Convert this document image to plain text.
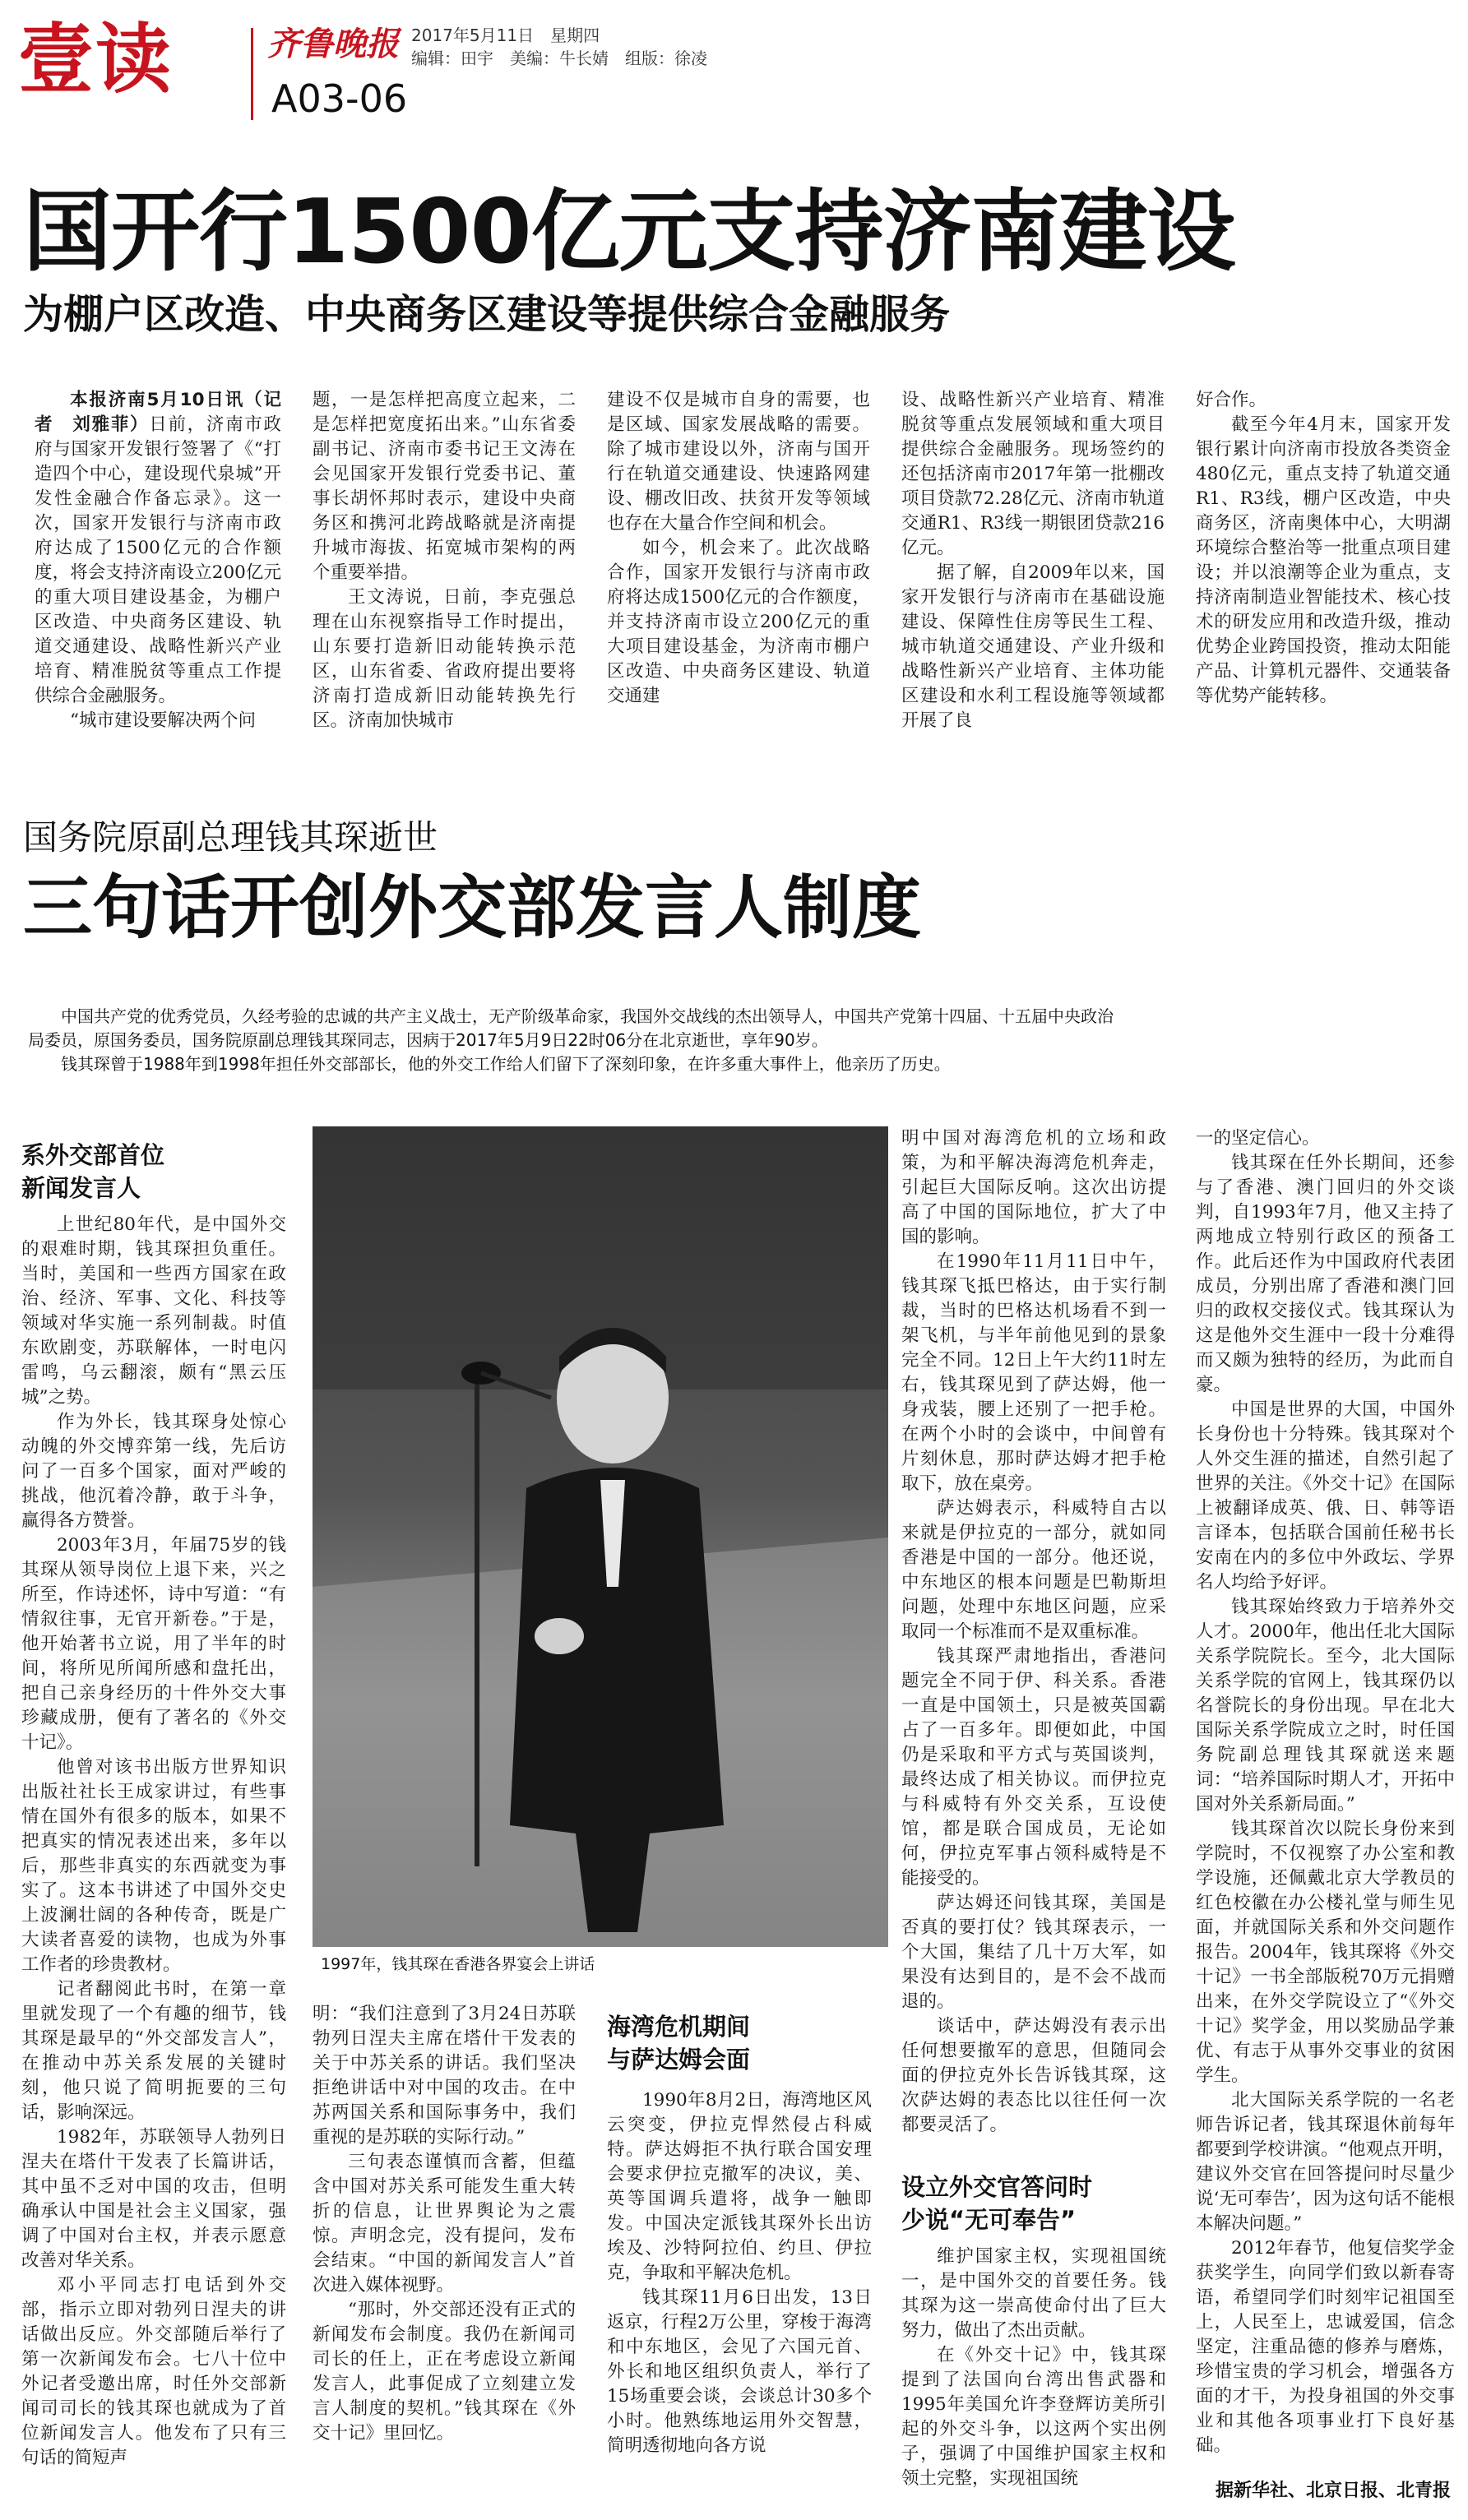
壹读	齐鲁晚报 2017年5月11日　星期四
编辑：田宇　美编：牛长婧　组版：徐凌
A03-06
国开行1500亿元支持济南建设
为棚户区改造、中央商务区建设等提供综合金融服务

本报济南5月10日讯（记者　刘雅菲）日前，济南市政府与国家开发银行签署了《“打造四个中心，建设现代泉城”开发性金融合作备忘录》。这一次，国家开发银行与济南市政府达成了1500亿元的合作额度，将会支持济南设立200亿元的重大项目建设基金，为棚户区改造、中央商务区建设、轨道交通建设、战略性新兴产业培育、精准脱贫等重点工作提供综合金融服务。

“城市建设要解决两个问

题，一是怎样把高度立起来，二是怎样把宽度拓出来。”山东省委副书记、济南市委书记王文涛在会见国家开发银行党委书记、董事长胡怀邦时表示，建设中央商务区和携河北跨战略就是济南提升城市海拔、拓宽城市架构的两个重要举措。

王文涛说，日前，李克强总理在山东视察指导工作时提出，山东要打造新旧动能转换示范区，山东省委、省政府提出要将济南打造成新旧动能转换先行区。济南加快城市

建设不仅是城市自身的需要，也是区域、国家发展战略的需要。除了城市建设以外，济南与国开行在轨道交通建设、快速路网建设、棚改旧改、扶贫开发等领域也存在大量合作空间和机会。

如今，机会来了。此次战略合作，国家开发银行与济南市政府将达成1500亿元的合作额度，并支持济南市设立200亿元的重大项目建设基金，为济南市棚户区改造、中央商务区建设、轨道交通建

设、战略性新兴产业培育、精准脱贫等重点发展领域和重大项目提供综合金融服务。现场签约的还包括济南市2017年第一批棚改项目贷款72.28亿元、济南市轨道交通R1、R3线一期银团贷款216亿元。

据了解，自2009年以来，国家开发银行与济南市在基础设施建设、保障性住房等民生工程、城市轨道交通建设、产业升级和战略性新兴产业培育、主体功能区建设和水利工程设施等领域都开展了良

好合作。

截至今年4月末，国家开发银行累计向济南市投放各类资金480亿元，重点支持了轨道交通R1、R3线，棚户区改造，中央商务区，济南奥体中心，大明湖环境综合整治等一批重点项目建设；并以浪潮等企业为重点，支持济南制造业智能技术、核心技术的研发应用和改造升级，推动优势企业跨国投资，推动太阳能产品、计算机元器件、交通装备等优势产能转移。

国务院原副总理钱其琛逝世
三句话开创外交部发言人制度

中国共产党的优秀党员，久经考验的忠诚的共产主义战士，无产阶级革命家，我国外交战线的杰出领导人，中国共产党第十四届、十五届中央政治局委员，原国务委员，国务院原副总理钱其琛同志，因病于2017年5月9日22时06分在北京逝世，享年90岁。

钱其琛曾于1988年到1998年担任外交部部长，他的外交工作给人们留下了深刻印象，在许多重大事件上，他亲历了历史。

1997年，钱其琛在香港各界宴会上讲话
系外交部首位
新闻发言人

上世纪80年代，是中国外交的艰难时期，钱其琛担负重任。当时，美国和一些西方国家在政治、经济、军事、文化、科技等领域对华实施一系列制裁。时值东欧剧变，苏联解体，一时电闪雷鸣，乌云翻滚，颇有“黑云压城”之势。

作为外长，钱其琛身处惊心动魄的外交博弈第一线，先后访问了一百多个国家，面对严峻的挑战，他沉着冷静，敢于斗争，赢得各方赞誉。

2003年3月，年届75岁的钱其琛从领导岗位上退下来，兴之所至，作诗述怀，诗中写道：“有情叙往事，无官开新卷。”于是，他开始著书立说，用了半年的时间，将所见所闻所感和盘托出，把自己亲身经历的十件外交大事珍藏成册，便有了著名的《外交十记》。

他曾对该书出版方世界知识出版社社长王成家讲过，有些事情在国外有很多的版本，如果不把真实的情况表述出来，多年以后，那些非真实的东西就变为事实了。这本书讲述了中国外交史上波澜壮阔的各种传奇，既是广大读者喜爱的读物，也成为外事工作者的珍贵教材。

记者翻阅此书时，在第一章里就发现了一个有趣的细节，钱其琛是最早的“外交部发言人”，在推动中苏关系发展的关键时刻，他只说了简明扼要的三句话，影响深远。

1982年，苏联领导人勃列日涅夫在塔什干发表了长篇讲话，其中虽不乏对中国的攻击，但明确承认中国是社会主义国家，强调了中国对台主权，并表示愿意改善对华关系。

邓小平同志打电话到外交部，指示立即对勃列日涅夫的讲话做出反应。外交部随后举行了第一次新闻发布会。七八十位中外记者受邀出席，时任外交部新闻司司长的钱其琛也就成为了首位新闻发言人。他发布了只有三句话的简短声

明：“我们注意到了3月24日苏联勃列日涅夫主席在塔什干发表的关于中苏关系的讲话。我们坚决拒绝讲话中对中国的攻击。在中苏两国关系和国际事务中，我们重视的是苏联的实际行动。”

三句表态谨慎而含蓄，但蕴含中国对苏关系可能发生重大转折的信息，让世界舆论为之震惊。声明念完，没有提问，发布会结束。“中国的新闻发言人”首次进入媒体视野。

“那时，外交部还没有正式的新闻发布会制度。我仍在新闻司司长的任上，正在考虑设立新闻发言人，此事促成了立刻建立发言人制度的契机。”钱其琛在《外交十记》里回忆。

海湾危机期间
与萨达姆会面

1990年8月2日，海湾地区风云突变，伊拉克悍然侵占科威特。萨达姆拒不执行联合国安理会要求伊拉克撤军的决议，美、英等国调兵遣将，战争一触即发。中国决定派钱其琛外长出访埃及、沙特阿拉伯、约旦、伊拉克，争取和平解决危机。

钱其琛11月6日出发，13日返京，行程2万公里，穿梭于海湾和中东地区，会见了六国元首、外长和地区组织负责人，举行了15场重要会谈，会谈总计30多个小时。他熟练地运用外交智慧，简明透彻地向各方说

明中国对海湾危机的立场和政策，为和平解决海湾危机奔走，引起巨大国际反响。这次出访提高了中国的国际地位，扩大了中国的影响。

在1990年11月11日中午，钱其琛飞抵巴格达，由于实行制裁，当时的巴格达机场看不到一架飞机，与半年前他见到的景象完全不同。12日上午大约11时左右，钱其琛见到了萨达姆，他一身戎装，腰上还别了一把手枪。在两个小时的会谈中，中间曾有片刻休息，那时萨达姆才把手枪取下，放在桌旁。

萨达姆表示，科威特自古以来就是伊拉克的一部分，就如同香港是中国的一部分。他还说，中东地区的根本问题是巴勒斯坦问题，处理中东地区问题，应采取同一个标准而不是双重标准。

钱其琛严肃地指出，香港问题完全不同于伊、科关系。香港一直是中国领土，只是被英国霸占了一百多年。即便如此，中国仍是采取和平方式与英国谈判，最终达成了相关协议。而伊拉克与科威特有外交关系，互设使馆，都是联合国成员，无论如何，伊拉克军事占领科威特是不能接受的。

萨达姆还问钱其琛，美国是否真的要打仗？钱其琛表示，一个大国，集结了几十万大军，如果没有达到目的，是不会不战而退的。

谈话中，萨达姆没有表示出任何想要撤军的意思，但随同会面的伊拉克外长告诉钱其琛，这次萨达姆的表态比以往任何一次都要灵活了。

设立外交官答问时
少说“无可奉告”

维护国家主权，实现祖国统一，是中国外交的首要任务。钱其琛为这一崇高使命付出了巨大努力，做出了杰出贡献。

在《外交十记》中，钱其琛提到了法国向台湾出售武器和1995年美国允许李登辉访美所引起的外交斗争，以这两个实出例子，强调了中国维护国家主权和领土完整，实现祖国统

一的坚定信心。

钱其琛在任外长期间，还参与了香港、澳门回归的外交谈判，自1993年7月，他又主持了两地成立特别行政区的预备工作。此后还作为中国政府代表团成员，分别出席了香港和澳门回归的政权交接仪式。钱其琛认为这是他外交生涯中一段十分难得而又颇为独特的经历，为此而自豪。

中国是世界的大国，中国外长身份也十分特殊。钱其琛对个人外交生涯的描述，自然引起了世界的关注。《外交十记》在国际上被翻译成英、俄、日、韩等语言译本，包括联合国前任秘书长安南在内的多位中外政坛、学界名人均给予好评。

钱其琛始终致力于培养外交人才。2000年，他出任北大国际关系学院院长。至今，北大国际关系学院的官网上，钱其琛仍以名誉院长的身份出现。早在北大国际关系学院成立之时，时任国务院副总理钱其琛就送来题词：“培养国际时期人才，开拓中国对外关系新局面。”

钱其琛首次以院长身份来到学院时，不仅视察了办公室和教学设施，还佩戴北京大学教员的红色校徽在办公楼礼堂与师生见面，并就国际关系和外交问题作报告。2004年，钱其琛将《外交十记》一书全部版税70万元捐赠出来，在外交学院设立了“《外交十记》奖学金，用以奖励品学兼优、有志于从事外交事业的贫困学生。

北大国际关系学院的一名老师告诉记者，钱其琛退休前每年都要到学校讲演。“他观点开明，建议外交官在回答提问时尽量少说‘无可奉告’，因为这句话不能根本解决问题。”

2012年春节，他复信奖学金获奖学生，向同学们致以新春寄语，希望同学们时刻牢记祖国至上，人民至上，忠诚爱国，信念坚定，注重品德的修养与磨炼，珍惜宝贵的学习机会，增强各方面的才干，为投身祖国的外交事业和其他各项事业打下良好基础。

据新华社、北京日报、北青报
